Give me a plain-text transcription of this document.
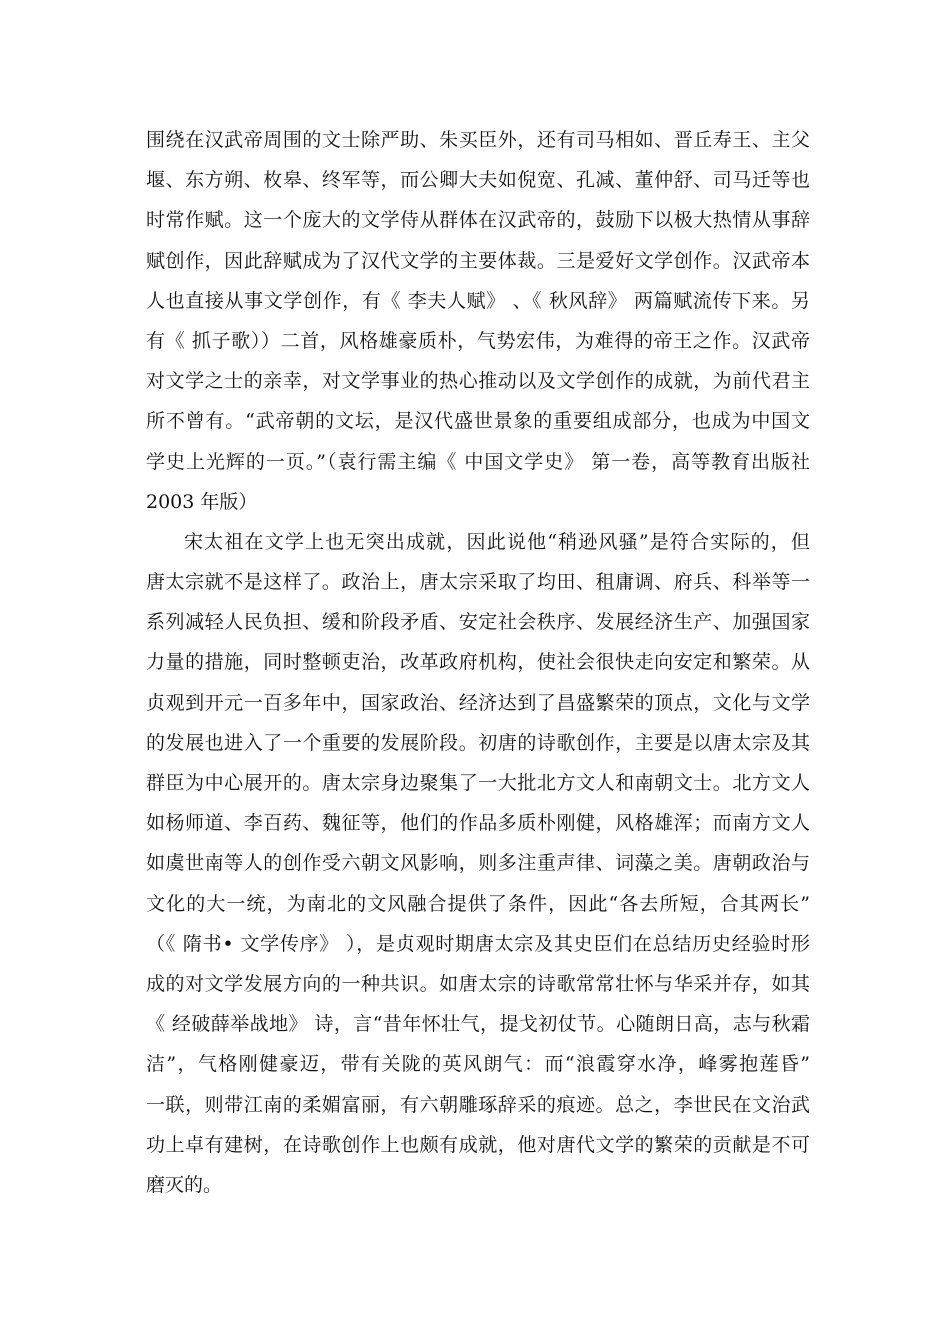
围绕在汉武帝周围的文士除严助、朱买臣外，还有司马相如、晋丘寿王、主父
堰、东方朔、枚皋、终军等，而公卿大夫如倪宽、孔减、董仲舒、司马迁等也
时常作赋。这一个庞大的文学侍从群体在汉武帝的，鼓励下以极大热情从事辞
赋创作，因此辞赋成为了汉代文学的主要体裁。三是爱好文学创作。汉武帝本
人也直接从事文学创作，有《 李夫人赋》 、《 秋风辞》 两篇赋流传下来。另
有《 抓子歌））二首，风格雄豪质朴，气势宏伟，为难得的帝王之作。汉武帝
对文学之士的亲幸，对文学事业的热心推动以及文学创作的成就，为前代君主
所不曾有。“武帝朝的文坛，是汉代盛世景象的重要组成部分，也成为中国文
学史上光辉的一页。”（袁行需主编《 中国文学史》 第一卷，高等教育出版社
2003 年版）
宋太祖在文学上也无突出成就，因此说他“稍逊风骚”是符合实际的，但
唐太宗就不是这样了。政治上，唐太宗采取了均田、租庸调、府兵、科举等一
系列减轻人民负担、缓和阶段矛盾、安定社会秩序、发展经济生产、加强国家
力量的措施，同时整顿吏治，改革政府机构，使社会很快走向安定和繁荣。从
贞观到开元一百多年中，国家政治、经济达到了昌盛繁荣的顶点，文化与文学
的发展也进入了一个重要的发展阶段。初唐的诗歌创作，主要是以唐太宗及其
群臣为中心展开的。唐太宗身边聚集了一大批北方文人和南朝文士。北方文人
如杨师道、李百药、魏征等，他们的作品多质朴刚健，风格雄浑；而南方文人
如虞世南等人的创作受六朝文风影响，则多注重声律、词藻之美。唐朝政治与
文化的大一统，为南北的文风融合提供了条件，因此“各去所短，合其两长”
（《 隋书• 文学传序》 ），是贞观时期唐太宗及其史臣们在总结历史经验时形
成的对文学发展方向的一种共识。如唐太宗的诗歌常常壮怀与华采并存，如其
《 经破薛举战地》 诗，言“昔年怀壮气，提戈初仗节。心随朗日高，志与秋霜
洁”，气格刚健豪迈，带有关陇的英风朗气：而“浪霞穿水净，峰雾抱莲昏”
一联，则带江南的柔媚富丽，有六朝雕琢辞采的痕迹。总之，李世民在文治武
功上卓有建树，在诗歌创作上也颇有成就，他对唐代文学的繁荣的贡献是不可
磨灭的。
